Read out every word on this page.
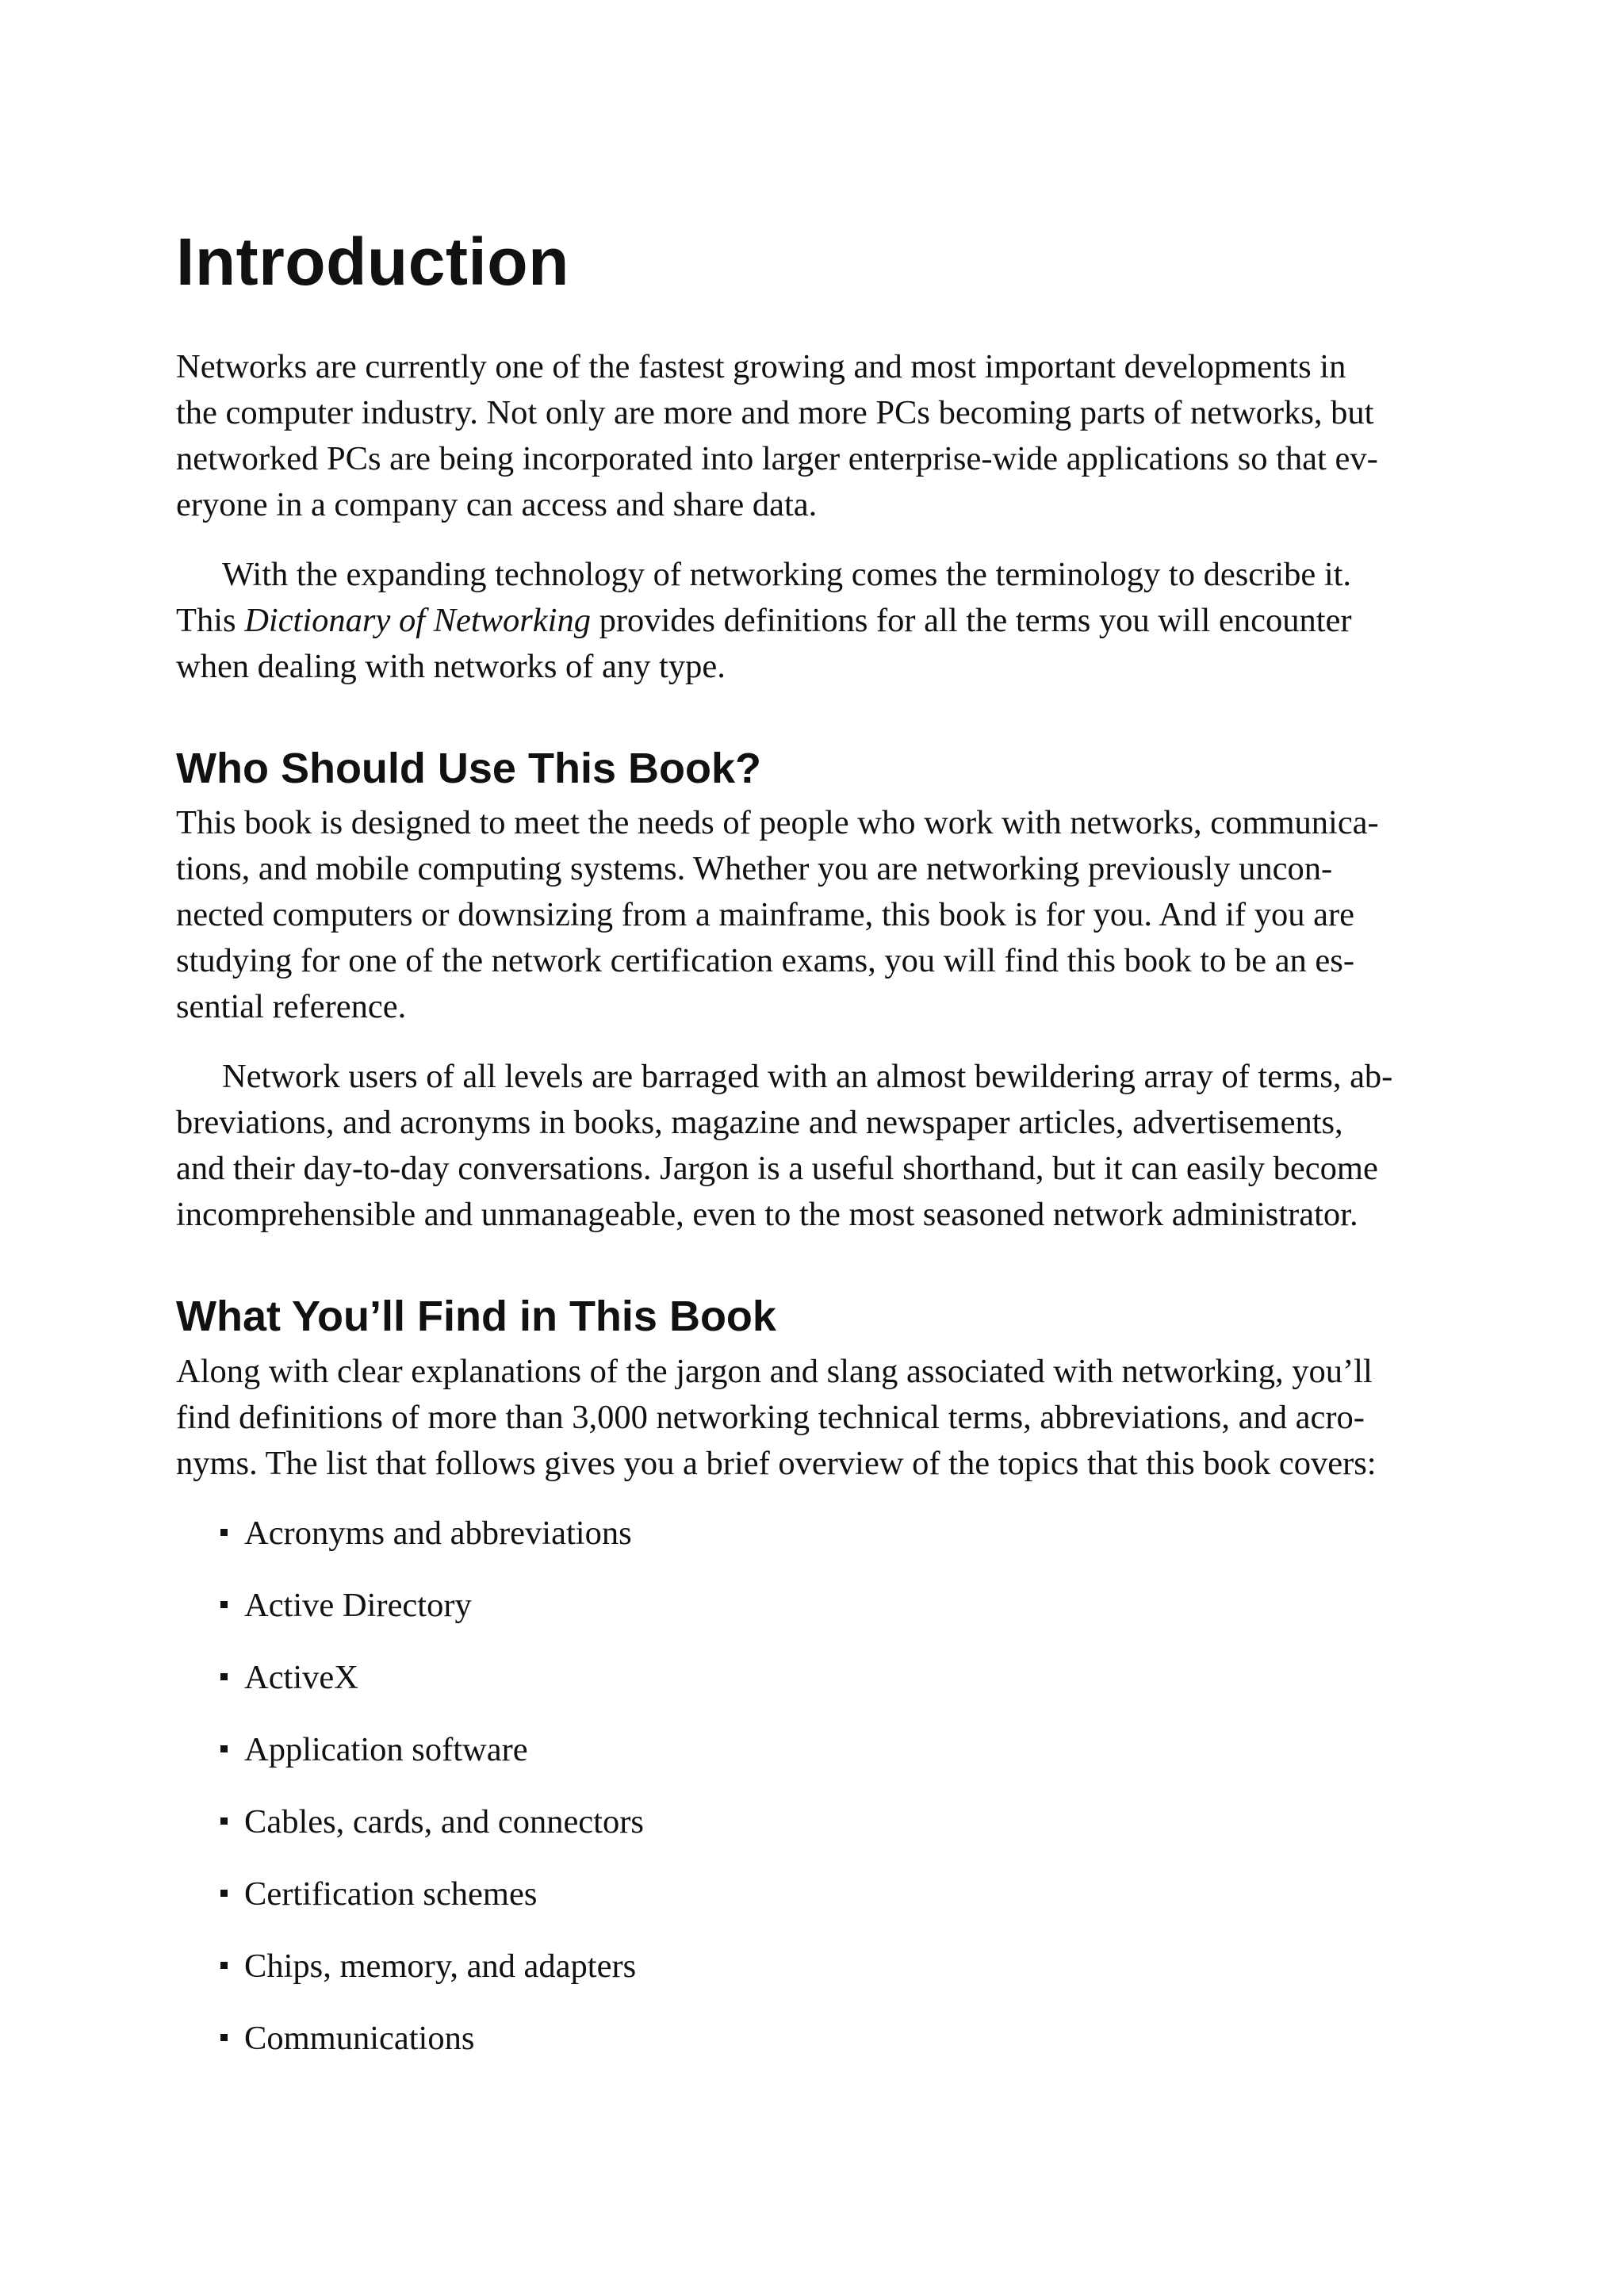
Introduction

Networks are currently one of the fastest growing and most important developments in
the computer industry. Not only are more and more PCs becoming parts of networks, but
networked PCs are being incorporated into larger enterprise-wide applications so that ev-
eryone in a company can access and share data.

With the expanding technology of networking comes the terminology to describe it.
This Dictionary of Networking provides definitions for all the terms you will encounter
when dealing with networks of any type.

Who Should Use This Book?

This book is designed to meet the needs of people who work with networks, communica-
tions, and mobile computing systems. Whether you are networking previously uncon-
nected computers or downsizing from a mainframe, this book is for you. And if you are
studying for one of the network certification exams, you will find this book to be an es-
sential reference.

Network users of all levels are barraged with an almost bewildering array of terms, ab-
breviations, and acronyms in books, magazine and newspaper articles, advertisements,
and their day-to-day conversations. Jargon is a useful shorthand, but it can easily become
incomprehensible and unmanageable, even to the most seasoned network administrator.

What You’ll Find in This Book

Along with clear explanations of the jargon and slang associated with networking, you’ll
find definitions of more than 3,000 networking technical terms, abbreviations, and acro-
nyms. The list that follows gives you a brief overview of the topics that this book covers:

Acronyms and abbreviations
Active Directory
ActiveX
Application software
Cables, cards, and connectors
Certification schemes
Chips, memory, and adapters
Communications
